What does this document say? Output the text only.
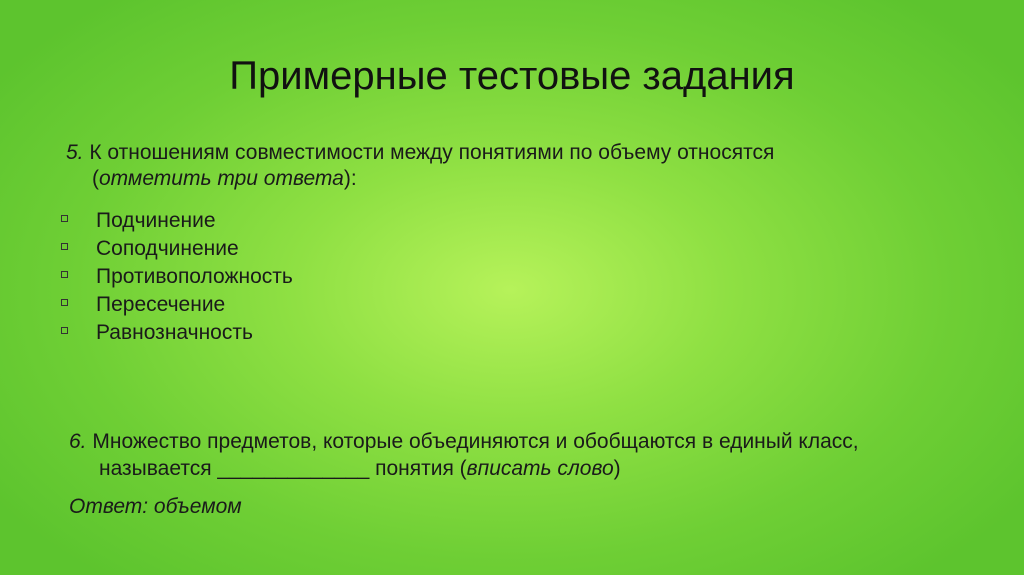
Примерные тестовые задания
5. К отношениям совместимости между понятиями по объему относятся
(отметить три ответа):
Подчинение
Соподчинение
Противоположность
Пересечение
Равнозначность
6. Множество предметов, которые объединяются и обобщаются в единый класс,
называется _____________ понятия (вписать слово)
Ответ: объемом
